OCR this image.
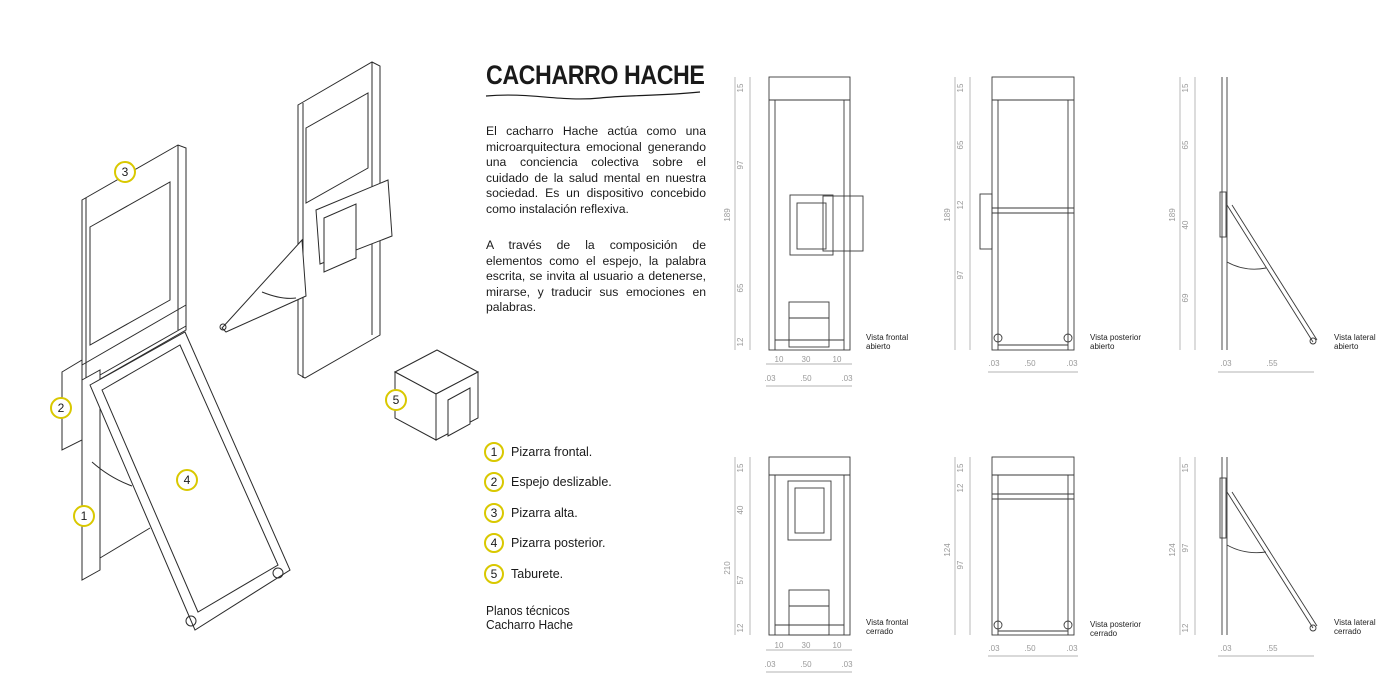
3
2
4
1
5
15
97
189
65
12
10 30	10
.03	.50	.03
15
65
12
189
97
.03	.50	.03
15
65
189
40
69
.03	.55
15
40
210
57
12
10 30	10
.03	.50	.03
15
12
124
97
.03	.50	.03
15
124 97
12
.03	.55
CACHARRO HACHE
El cacharro Hache actúa como una microarquitectura emocional generando una conciencia colectiva sobre el cuidado de la salud mental en nuestra sociedad. Es un dispositivo concebido como instalación reflexiva.
A través de la composición de elementos como el espejo, la palabra escrita, se invita al usuario a detenerse, mirarse, y traducir sus emociones en palabras.
1	Pizarra frontal.
2	Espejo deslizable.
3	Pizarra alta.
4	Pizarra posterior.
5	Taburete.
Planos técnicos
Cacharro Hache
Vista frontal
abierto
Vista posterior
abierto
Vista lateral
abierto
Vista frontal
cerrado
Vista posterior
cerrado
Vista lateral
cerrado
